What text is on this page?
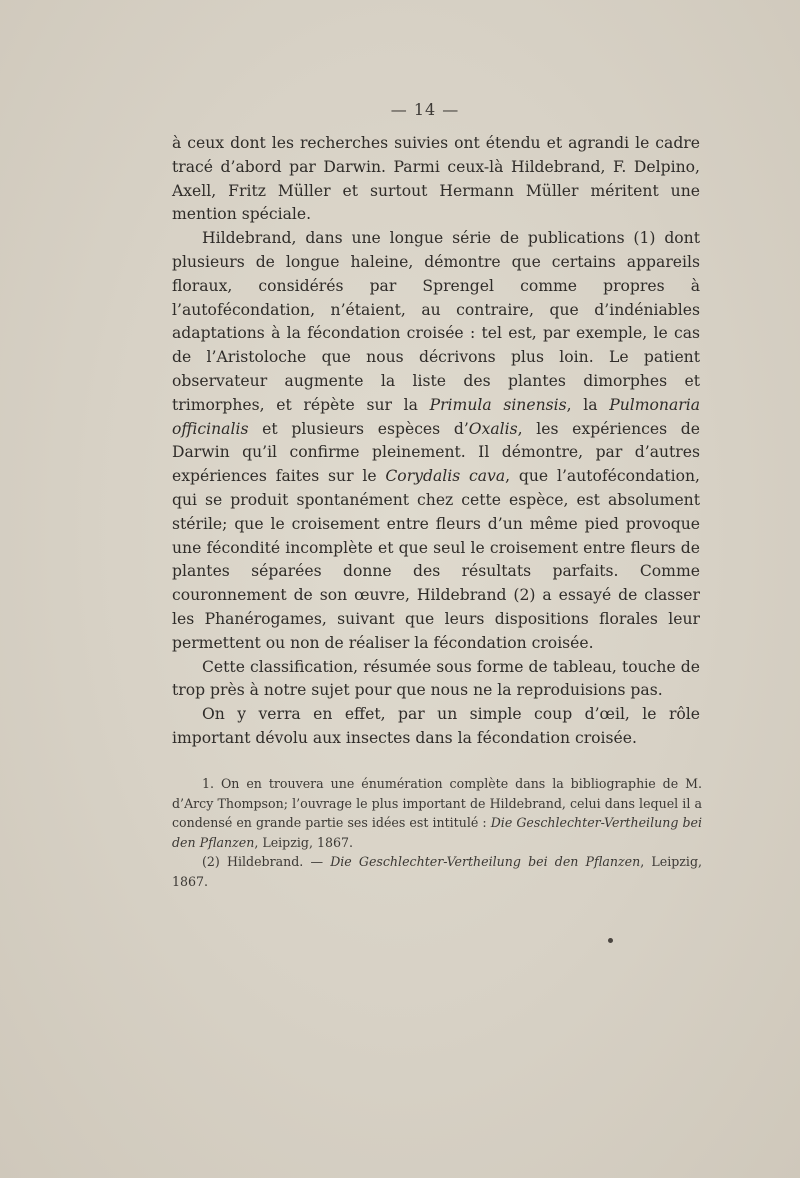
— 14 —

à ceux dont les recherches suivies ont étendu et agrandi le cadre tracé d’abord par Darwin. Parmi ceux-là Hildebrand, F. Delpino, Axell, Fritz Müller et surtout Hermann Müller méritent une mention spéciale.

Hildebrand, dans une longue série de publications (1) dont plusieurs de longue haleine, démontre que certains appareils floraux, considérés par Sprengel comme propres à l’autofécondation, n’étaient, au contraire, que d’indéniables adaptations à la fécondation croisée : tel est, par exemple, le cas de l’Aristoloche que nous décrivons plus loin. Le patient observateur augmente la liste des plantes dimorphes et trimorphes, et répète sur la Primula sinensis, la Pulmonaria officinalis et plusieurs espèces d’Oxalis, les expériences de Darwin qu’il confirme pleinement. Il démontre, par d’autres expériences faites sur le Corydalis cava, que l’autofécondation, qui se produit spontanément chez cette espèce, est absolument stérile; que le croisement entre fleurs d’un même pied provoque une fécondité incomplète et que seul le croisement entre fleurs de plantes séparées donne des résultats parfaits. Comme couronnement de son œuvre, Hildebrand (2) a essayé de classer les Phanérogames, suivant que leurs dispositions florales leur permettent ou non de réaliser la fécondation croisée.

Cette classification, résumée sous forme de tableau, touche de trop près à notre sujet pour que nous ne la reproduisions pas.

On y verra en effet, par un simple coup d’œil, le rôle important dévolu aux insectes dans la fécondation croisée.

1. On en trouvera une énumération complète dans la bibliographie de M. d’Arcy Thompson; l’ouvrage le plus important de Hildebrand, celui dans lequel il a condensé en grande partie ses idées est intitulé : Die Geschlechter-Vertheilung bei den Pflanzen, Leipzig, 1867.

(2) Hildebrand. — Die Geschlechter-Vertheilung bei den Pflanzen, Leipzig, 1867.
